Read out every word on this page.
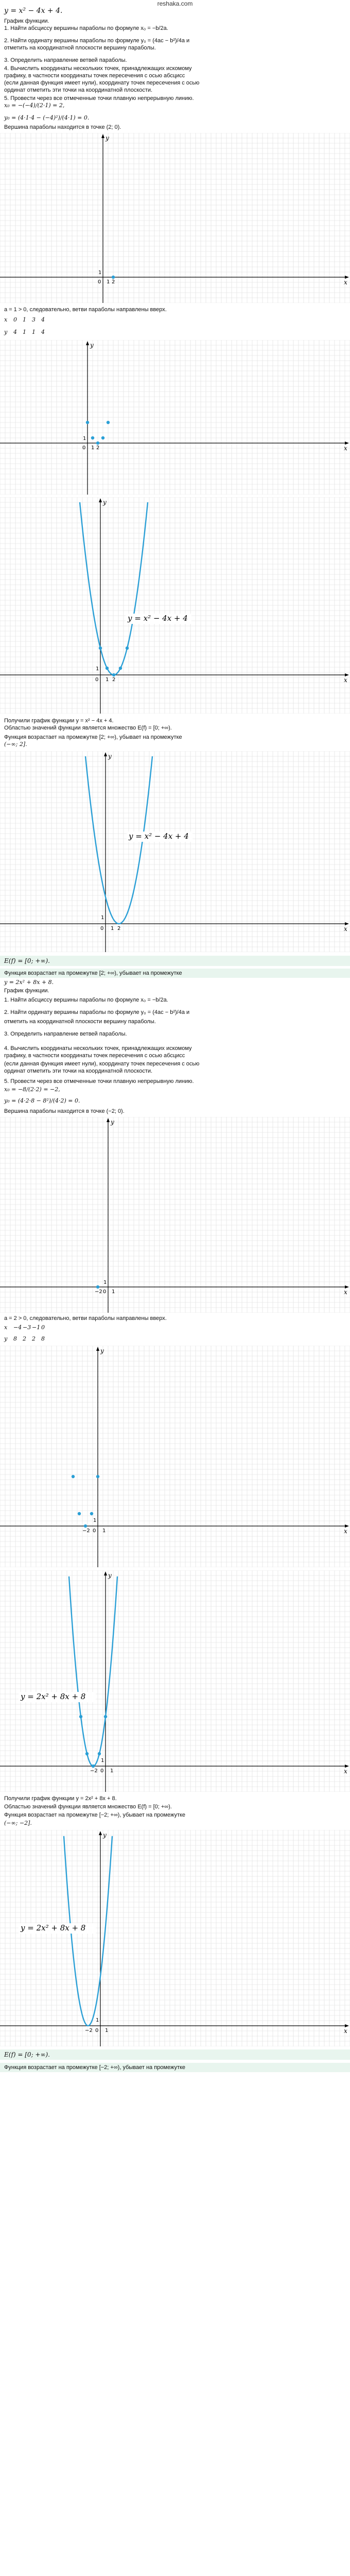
reshaka.com
y = x² − 4x + 4.
График функции.
1. Найти абсциссу вершины параболы по формуле x₀ = −b/2a.
2. Найти ординату вершины параболы по формуле y₀ = (4ac − b²)/4a и
отметить на координатной плоскости вершину параболы.
3. Определить направление ветвей параболы.
4. Вычислить координаты нескольких точек, принадлежащих искомому
графику, в частности координаты точек пересечения с осью абсцисс
(если данная функция имеет нули), координату точек пересечения с осью
ординат отметить эти точки на координатной плоскости.
5. Провести через все отмеченные точки плавную непрерывную линию.
x₀ = −(−4)/(2·1) = 2,
y₀ = (4·1·4 − (−4)²)/(4·1) = 0.
Вершина параболы находится в точке (2; 0).
x
y
0 1
1
2
a = 1 > 0, следовательно, ветви параболы направлены вверх.
x 0 1 3 4
y 4 1 1 4
x
y
0 1
1
2
x
y
0 1
1
2
y = x² − 4x + 4
Получили график функции y = x² − 4x + 4.
Областью значений функции является множество E(f) = [0; +∞).
Функция возрастает на промежутке [2; +∞), убывает на промежутке
(−∞; 2].
x
y
0 1
1
2
y = x² − 4x + 4
E(f) = [0; +∞).
Функция возрастает на промежутке [2; +∞), убывает на промежутке
y = 2x² + 8x + 8.
График функции.
1. Найти абсциссу вершины параболы по формуле x₀ = −b/2a.
2. Найти ординату вершины параболы по формуле y₀ = (4ac − b²)/4a и
отметить на координатной плоскости вершину параболы.
3. Определить направление ветвей параболы.
4. Вычислить координаты нескольких точек, принадлежащих искомому
графику, в частности координаты точек пересечения с осью абсцисс
(если данная функция имеет нули), координату точек пересечения с осью
ординат отметить эти точки на координатной плоскости.
5. Провести через все отмеченные точки плавную непрерывную линию.
x₀ = −8/(2·2) = −2,
y₀ = (4·2·8 − 8²)/(4·2) = 0.
Вершина параболы находится в точке (−2; 0).
x
y
0 1
1
−2
a = 2 > 0, следовательно, ветви параболы направлены вверх.
x −4 −3 −1 0
y 8 2 2 8
x
y
0 1
1
−2
x
y
0 1
1
−2
y = 2x² + 8x + 8
Получили график функции y = 2x² + 8x + 8.
Областью значений функции является множество E(f) = [0; +∞).
Функция возрастает на промежутке [−2; +∞), убывает на промежутке
(−∞; −2].
x
y
0 1
1
−2
y = 2x² + 8x + 8
E(f) = [0; +∞).
Функция возрастает на промежутке [−2; +∞), убывает на промежутке
